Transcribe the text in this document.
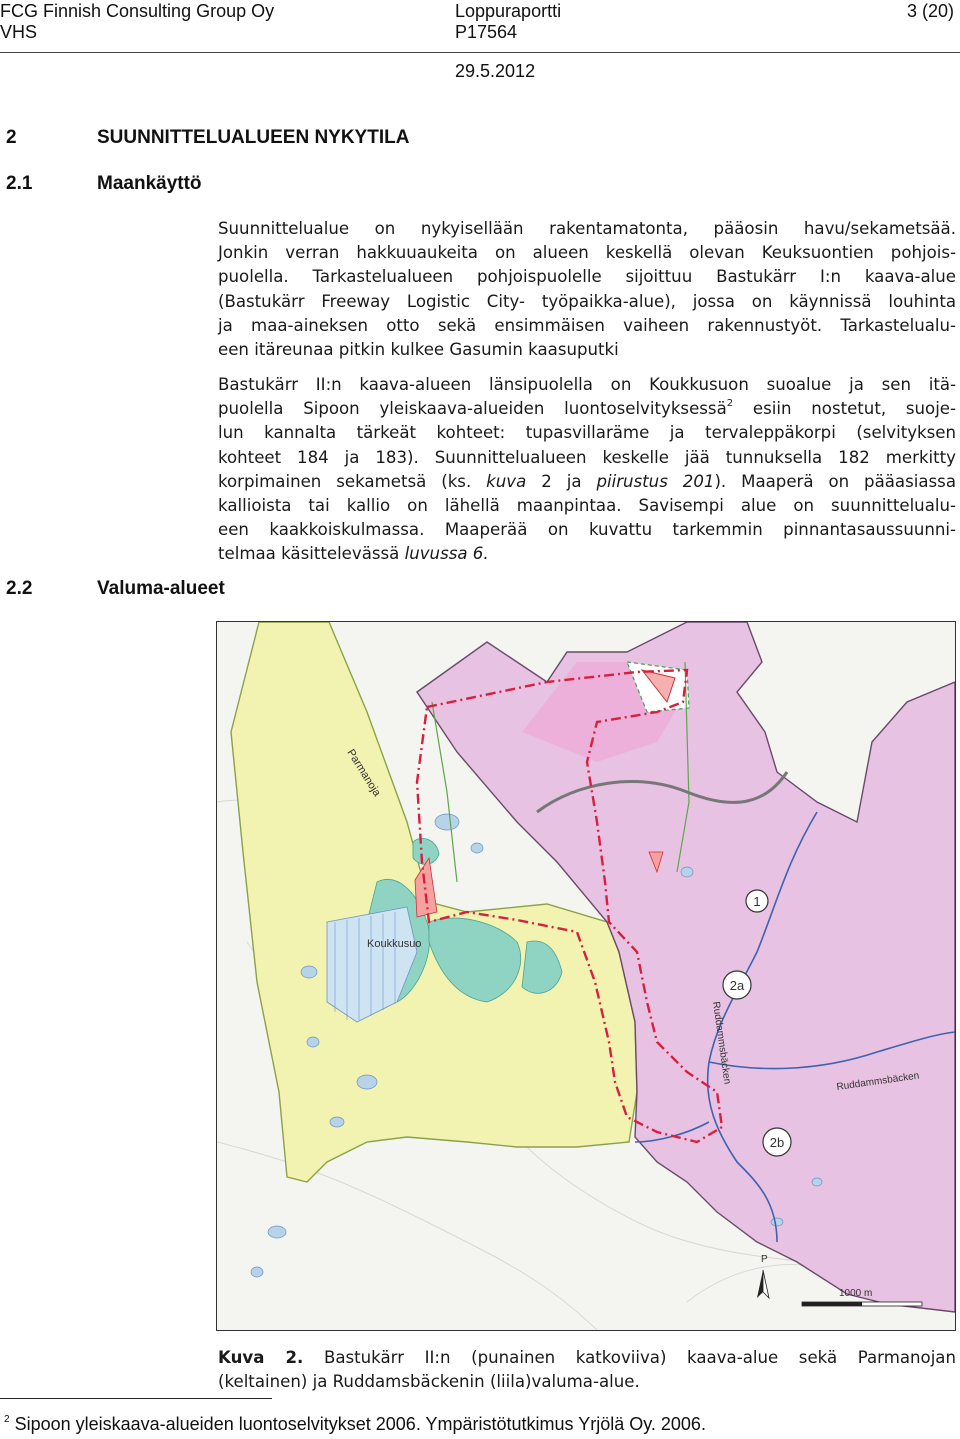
FCG Finnish Consulting Group Oy
VHS
Loppuraportti
P17564
3 (20)
29.5.2012
2	SUUNNITTELUALUEEN NYKYTILA
2.1	Maankäyttö
Suunnittelualue on nykyisellään rakentamatonta, pääosin havu/sekametsää.
Jonkin verran hakkuuaukeita on alueen keskellä olevan Keuksuontien pohjois-
puolella. Tarkastelualueen pohjoispuolelle sijoittuu Bastukärr I:n kaava-alue
(Bastukärr Freeway Logistic City- työpaikka-alue), jossa on käynnissä louhinta
ja maa-aineksen otto sekä ensimmäisen vaiheen rakennustyöt. Tarkastelualu-
een itäreunaa pitkin kulkee Gasumin kaasuputki
Bastukärr II:n kaava-alueen länsipuolella on Koukkusuon suoalue ja sen itä-
puolella Sipoon yleiskaava-alueiden luontoselvityksessä$^2$ esiin nostetut, suoje-
lun kannalta tärkeät kohteet: tupasvillaräme ja tervaleppäkorpi (selvityksen
kohteet 184 ja 183). Suunnittelualueen keskelle jää tunnuksella 182 merkitty
korpimainen sekametsä (ks. kuva 2 ja piirustus 201). Maaperä on pääasiassa
kallioista tai kallio on lähellä maanpintaa. Savisempi alue on suunnittelualu-
een kaakkoiskulmassa. Maaperää on kuvattu tarkemmin pinnantasaussuunni-
telmaa käsittelevässä luvussa 6.
2.2	Valuma-alueet
Parmanoja
Koukkusuo
Ruddammsbäcken	Ruddammsbäcken
1
2a
2b
P
1000 m
Kuva 2. Bastukärr II:n (punainen katkoviiva) kaava-alue sekä Parmanojan
(keltainen) ja Ruddamsbäckenin (liila)valuma-alue.
$^2$ Sipoon yleiskaava-alueiden luontoselvitykset 2006. Ympäristötutkimus Yrjölä Oy. 2006.
